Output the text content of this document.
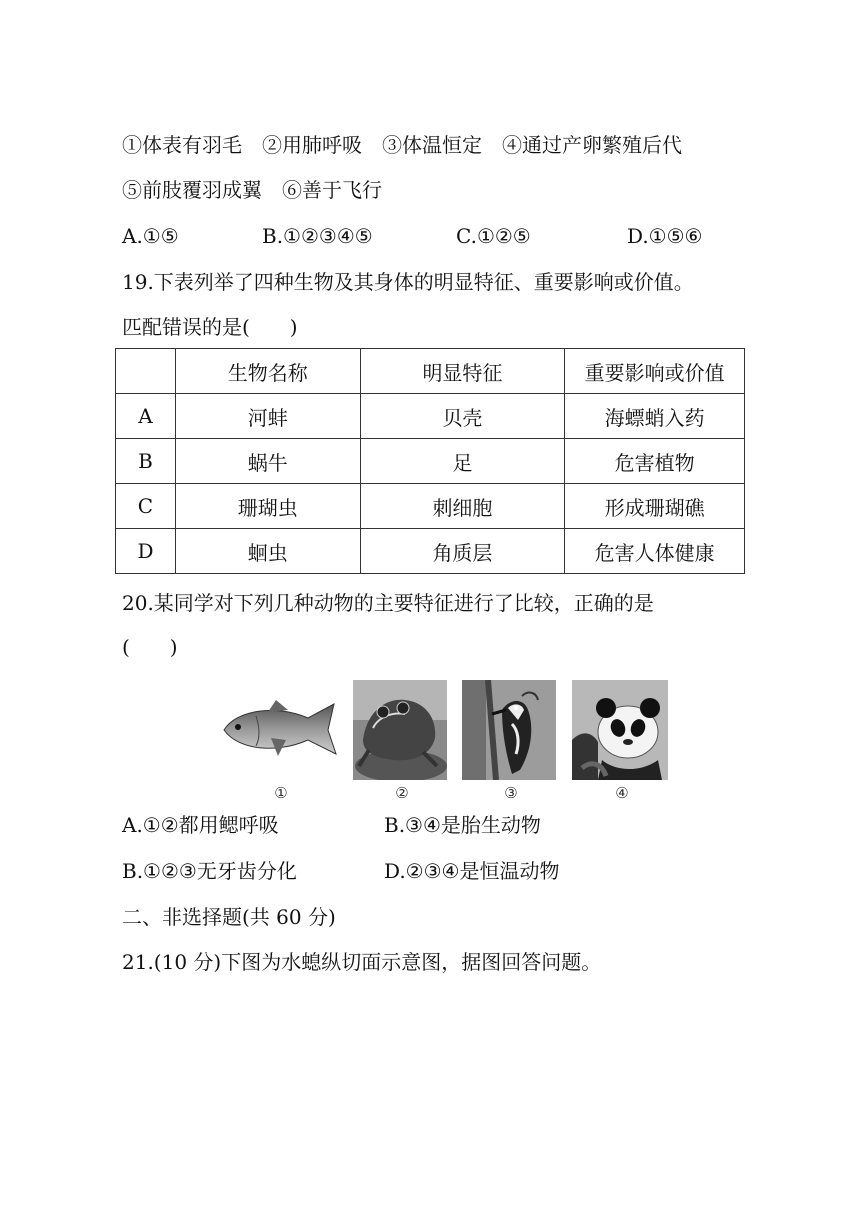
①体表有羽毛　②用肺呼吸　③体温恒定　④通过产卵繁殖后代
⑤前肢覆羽成翼　⑥善于飞行
A.①⑤	B.①②③④⑤	C.①②⑤	D.①⑤⑥
19.下表列举了四种生物及其身体的明显特征、重要影响或价值。
匹配错误的是(　　)
	生物名称	明显特征	重要影响或价值
A	河蚌	贝壳	海螵蛸入药
B	蜗牛	足	危害植物
C	珊瑚虫	刺细胞	形成珊瑚礁
D	蛔虫	角质层	危害人体健康
20.某同学对下列几种动物的主要特征进行了比较，正确的是
(　　)
①	②	③	④
A.①②都用鳃呼吸	B.③④是胎生动物
B.①②③无牙齿分化	D.②③④是恒温动物
二、非选择题(共 60 分)
21.(10 分)下图为水螅纵切面示意图，据图回答问题。
